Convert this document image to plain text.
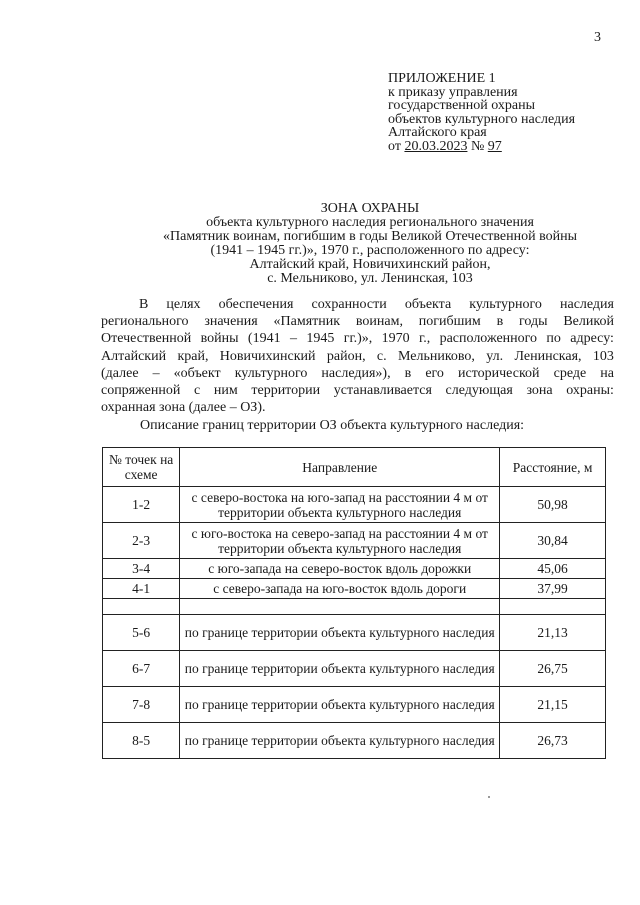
3
ПРИЛОЖЕНИЕ 1
к приказу управления
государственной охраны
объектов культурного наследия
Алтайского края
от 20.03.2023 № 97
ЗОНА ОХРАНЫ
объекта культурного наследия регионального значения
«Памятник воинам, погибшим в годы Великой Отечественной войны
(1941 – 1945 гг.)», 1970 г., расположенного по адресу:
Алтайский край, Новичихинский район,
с. Мельниково, ул. Ленинская, 103
В целях обеспечения сохранности объекта культурного наследия
регионального значения «Памятник воинам, погибшим в годы Великой
Отечественной войны (1941 – 1945 гг.)», 1970 г., расположенного по адресу:
Алтайский край, Новичихинский район, с. Мельниково, ул. Ленинская, 103
(далее – «объект культурного наследия»), в его исторической среде на
сопряженной с ним территории устанавливается следующая зона охраны:
охранная зона (далее – ОЗ).
Описание границ территории ОЗ объекта культурного наследия:
№ точек на схеме	Направление	Расстояние, м
1-2	с северо-востока на юго-запад на расстоянии 4 м от территории объекта культурного наследия	50,98
2-3	с юго-востока на северо-запад на расстоянии 4 м от территории объекта культурного наследия	30,84
3-4	с юго-запада на северо-восток вдоль дорожки	45,06
4-1	с северо-запада на юго-восток вдоль дороги	37,99

5-6	по границе территории объекта культурного наследия	21,13
6-7	по границе территории объекта культурного наследия	26,75
7-8	по границе территории объекта культурного наследия	21,15
8-5	по границе территории объекта культурного наследия	26,73
